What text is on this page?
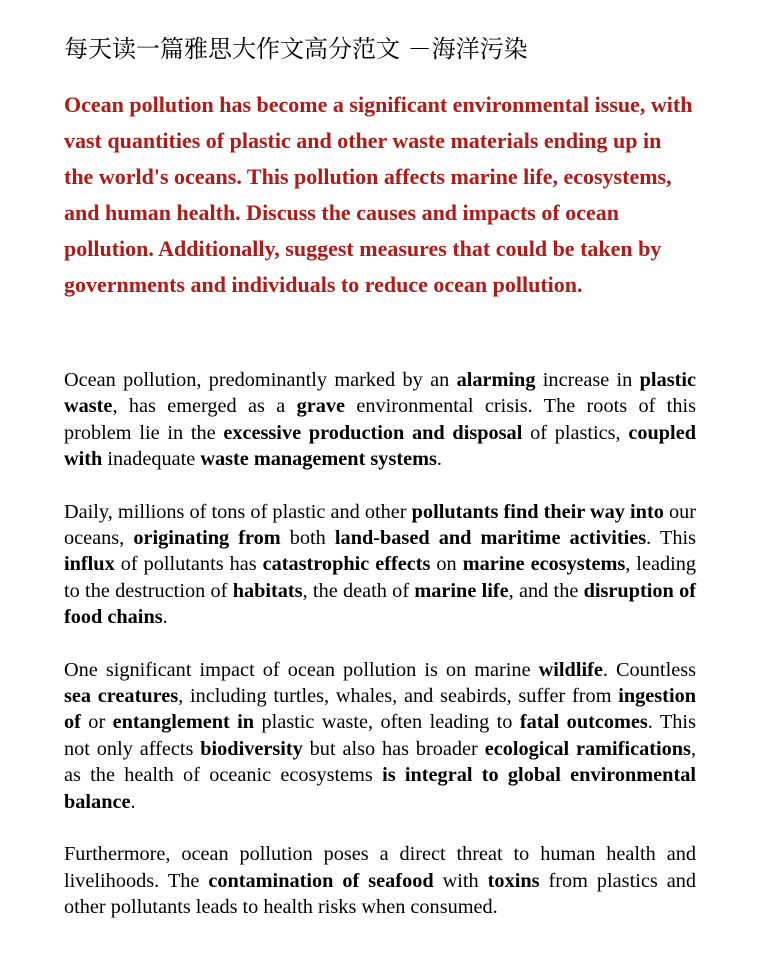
每天读一篇雅思大作文高分范文 －海洋污染
Ocean pollution has become a significant environmental issue, with vast quantities of plastic and other waste materials ending up in the world's oceans. This pollution affects marine life, ecosystems, and human health. Discuss the causes and impacts of ocean pollution. Additionally, suggest measures that could be taken by governments and individuals to reduce ocean pollution.

Ocean pollution, predominantly marked by an alarming increase in plastic waste, has emerged as a grave environmental crisis. The roots of this problem lie in the excessive production and disposal of plastics, coupled with inadequate waste management systems.

Daily, millions of tons of plastic and other pollutants find their way into our oceans, originating from both land-based and maritime activities. This influx of pollutants has catastrophic effects on marine ecosystems, leading to the destruction of habitats, the death of marine life, and the disruption of food chains.

One significant impact of ocean pollution is on marine wildlife. Countless sea creatures, including turtles, whales, and seabirds, suffer from ingestion of or entanglement in plastic waste, often leading to fatal outcomes. This not only affects biodiversity but also has broader ecological ramifications, as the health of oceanic ecosystems is integral to global environmental balance.

Furthermore, ocean pollution poses a direct threat to human health and livelihoods. The contamination of seafood with toxins from plastics and other pollutants leads to health risks when consumed.
